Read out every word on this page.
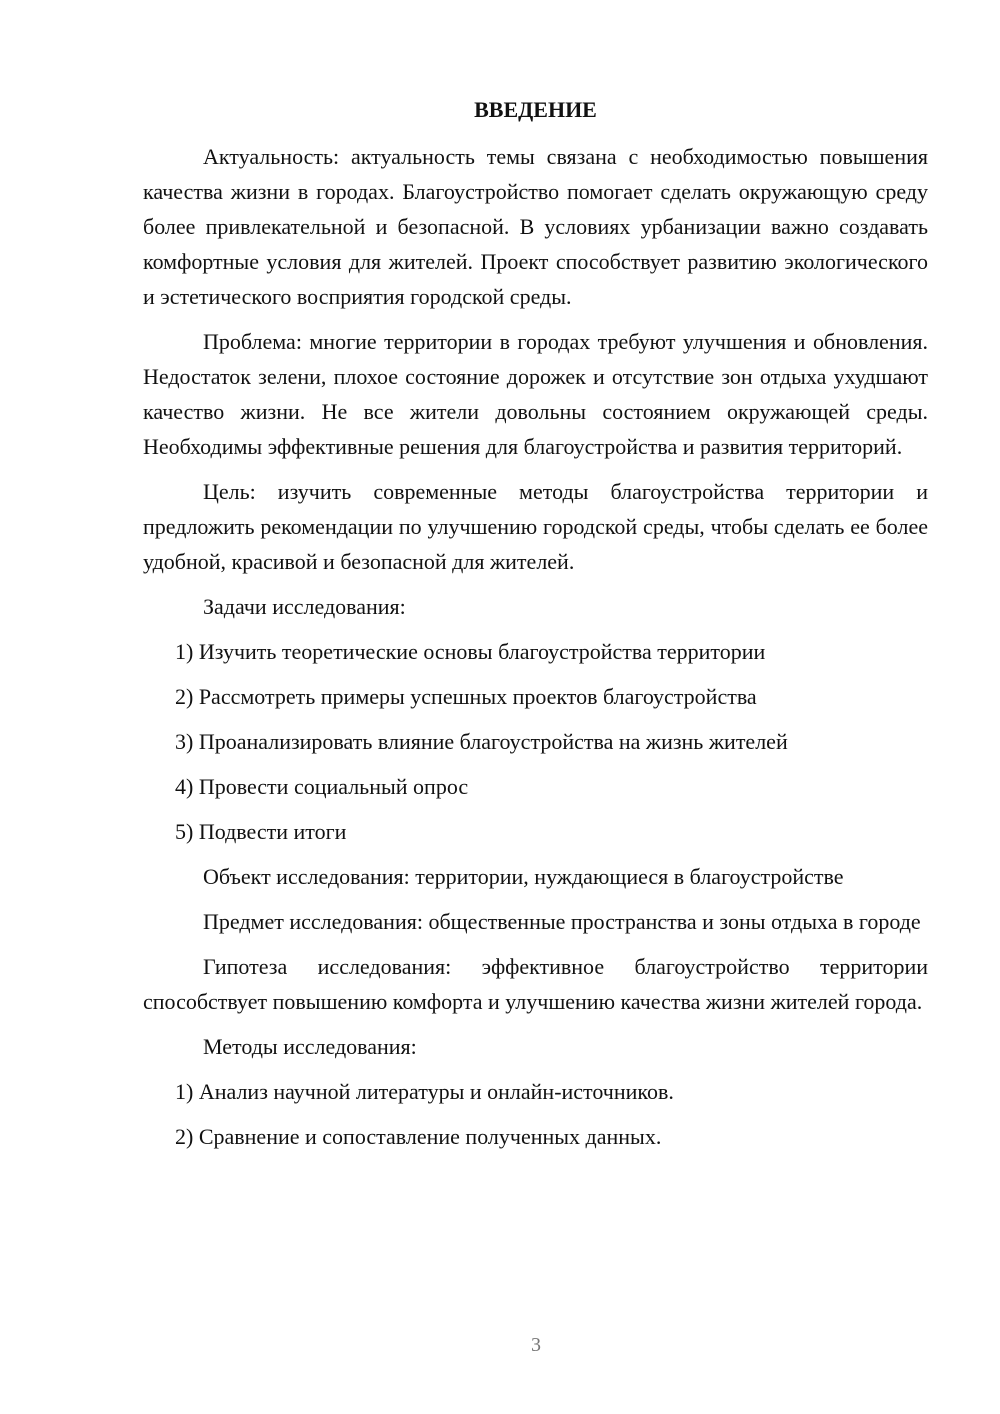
ВВЕДЕНИЕ

Актуальность: актуальность темы связана с необходимостью повышения качества жизни в городах. Благоустройство помогает сделать окружающую среду более привлекательной и безопасной. В условиях урбанизации важно создавать комфортные условия для жителей. Проект способствует развитию экологического и эстетического восприятия городской среды.

Проблема: многие территории в городах требуют улучшения и обновления. Недостаток зелени, плохое состояние дорожек и отсутствие зон отдыха ухудшают качество жизни. Не все жители довольны состоянием окружающей среды. Необходимы эффективные решения для благоустройства и развития территорий.

Цель: изучить современные методы благоустройства территории и предложить рекомендации по улучшению городской среды, чтобы сделать ее более удобной, красивой и безопасной для жителей.

Задачи исследования:

1) Изучить теоретические основы благоустройства территории

2) Рассмотреть примеры успешных проектов благоустройства

3) Проанализировать влияние благоустройства на жизнь жителей

4) Провести социальный опрос

5) Подвести итоги

Объект исследования: территории, нуждающиеся в благоустройстве

Предмет исследования: общественные пространства и зоны отдыха в городе

Гипотеза исследования: эффективное благоустройство территории способствует повышению комфорта и улучшению качества жизни жителей города.

Методы исследования:

1) Анализ научной литературы и онлайн-источников.

2) Сравнение и сопоставление полученных данных.

3
